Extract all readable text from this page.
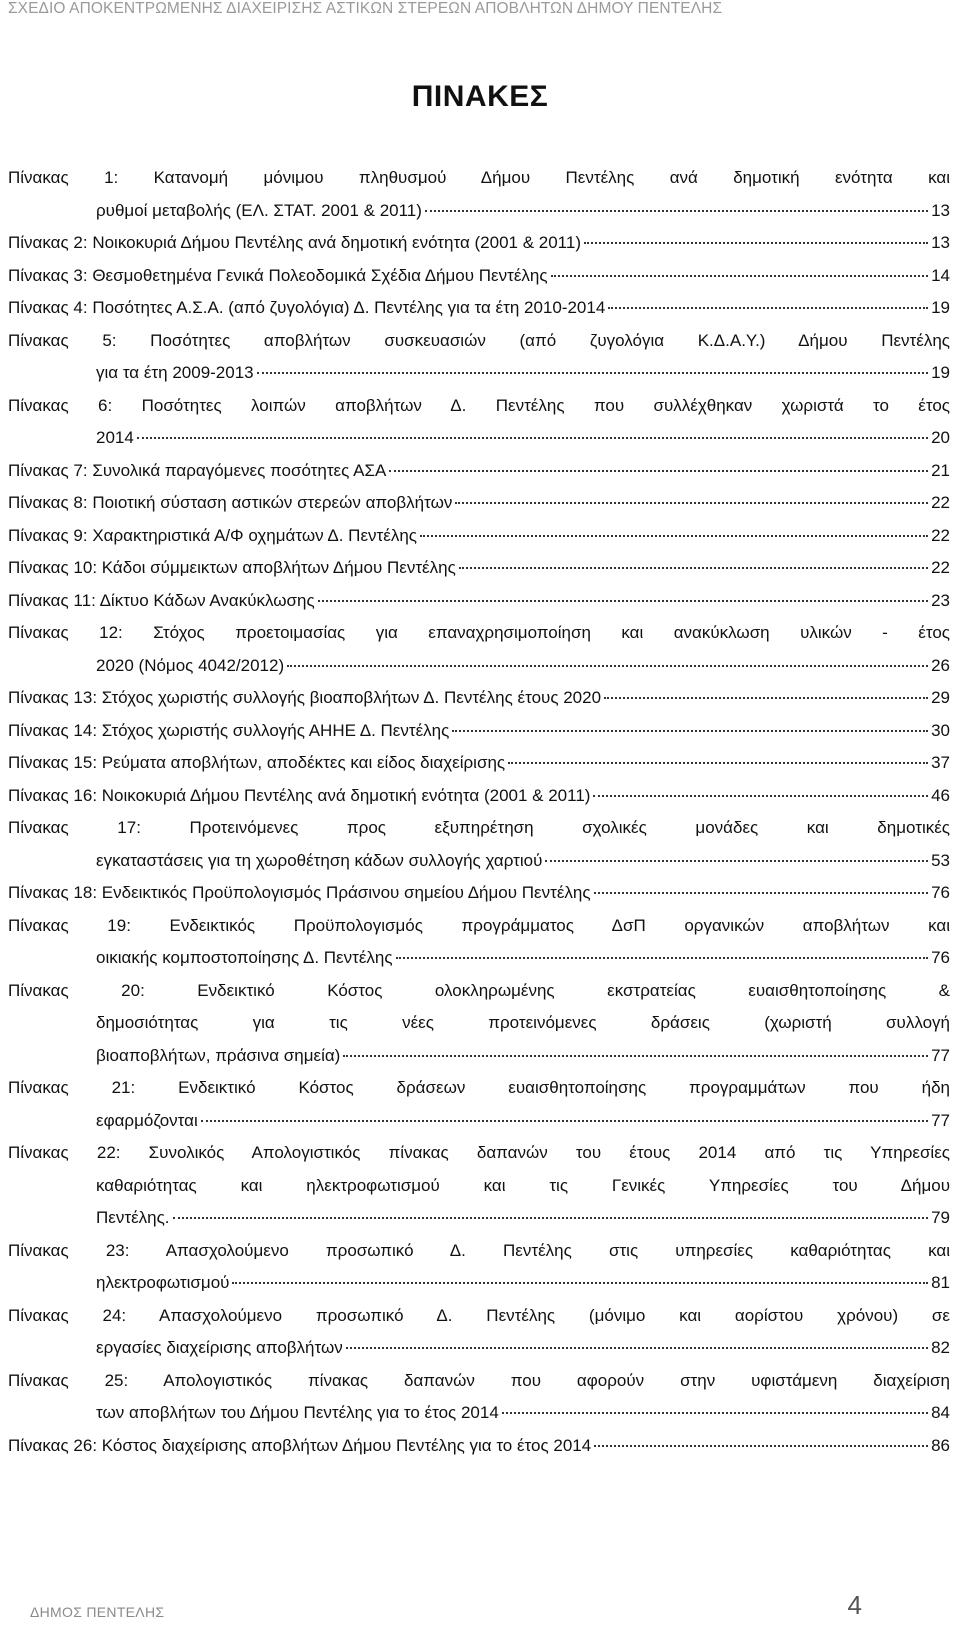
ΣΧΕΔΙΟ ΑΠΟΚΕΝΤΡΩΜΕΝΗΣ ΔΙΑΧΕΙΡΙΣΗΣ ΑΣΤΙΚΩΝ ΣΤΕΡΕΩΝ ΑΠΟΒΛΗΤΩΝ ΔΗΜΟΥ ΠΕΝΤΕΛΗΣ
ΠΙΝΑΚΕΣ
Πίνακας 1: Κατανομή μόνιμου πληθυσμού Δήμου Πεντέλης ανά δημοτική ενότητα και
ρυθμοί μεταβολής (ΕΛ. ΣΤΑΤ. 2001 & 2011)	13
Πίνακας 2: Νοικοκυριά Δήμου Πεντέλης ανά δημοτική ενότητα (2001 & 2011)	13
Πίνακας 3: Θεσμοθετημένα Γενικά Πολεοδομικά Σχέδια Δήμου Πεντέλης	14
Πίνακας 4: Ποσότητες Α.Σ.Α. (από ζυγολόγια) Δ. Πεντέλης για τα έτη 2010-2014	19
Πίνακας 5: Ποσότητες αποβλήτων συσκευασιών (από ζυγολόγια Κ.Δ.Α.Υ.) Δήμου Πεντέλης
για τα έτη 2009-2013	19
Πίνακας 6: Ποσότητες λοιπών αποβλήτων Δ. Πεντέλης που συλλέχθηκαν χωριστά το έτος
2014	20
Πίνακας 7: Συνολικά παραγόμενες ποσότητες ΑΣΑ	21
Πίνακας 8: Ποιοτική σύσταση αστικών στερεών αποβλήτων	22
Πίνακας 9: Χαρακτηριστικά Α/Φ οχημάτων Δ. Πεντέλης	22
Πίνακας 10: Κάδοι σύμμεικτων αποβλήτων Δήμου Πεντέλης	22
Πίνακας 11: Δίκτυο Κάδων Ανακύκλωσης	23
Πίνακας 12: Στόχος προετοιμασίας για επαναχρησιμοποίηση και ανακύκλωση υλικών - έτος
2020 (Νόμος 4042/2012)	26
Πίνακας 13: Στόχος χωριστής συλλογής βιοαποβλήτων Δ. Πεντέλης έτους 2020	29
Πίνακας 14: Στόχος χωριστής συλλογής ΑΗΗΕ Δ. Πεντέλης	30
Πίνακας 15: Ρεύματα αποβλήτων, αποδέκτες και είδος διαχείρισης	37
Πίνακας 16: Νοικοκυριά Δήμου Πεντέλης ανά δημοτική ενότητα (2001 & 2011)	46
Πίνακας 17: Προτεινόμενες προς εξυπηρέτηση σχολικές μονάδες και δημοτικές
εγκαταστάσεις για τη χωροθέτηση κάδων συλλογής χαρτιού	53
Πίνακας 18: Ενδεικτικός Προϋπολογισμός Πράσινου σημείου Δήμου Πεντέλης	76
Πίνακας 19: Ενδεικτικός Προϋπολογισμός προγράμματος ΔσΠ οργανικών αποβλήτων και
οικιακής κομποστοποίησης Δ. Πεντέλης	76
Πίνακας 20: Ενδεικτικό Κόστος ολοκληρωμένης εκστρατείας ευαισθητοποίησης &
δημοσιότητας για τις νέες προτεινόμενες δράσεις (χωριστή συλλογή
βιοαποβλήτων, πράσινα σημεία)	77
Πίνακας 21: Ενδεικτικό Κόστος δράσεων ευαισθητοποίησης προγραμμάτων που ήδη
εφαρμόζονται	77
Πίνακας 22: Συνολικός Απολογιστικός πίνακας δαπανών του έτους 2014 από τις Υπηρεσίες
καθαριότητας και ηλεκτροφωτισμού και τις Γενικές Υπηρεσίες του Δήμου
Πεντέλης.	79
Πίνακας 23: Απασχολούμενο προσωπικό Δ. Πεντέλης στις υπηρεσίες καθαριότητας και
ηλεκτροφωτισμού	81
Πίνακας 24: Απασχολούμενο προσωπικό Δ. Πεντέλης (μόνιμο και αορίστου χρόνου) σε
εργασίες διαχείρισης αποβλήτων	82
Πίνακας 25: Απολογιστικός πίνακας δαπανών που αφορούν στην υφιστάμενη διαχείριση
των αποβλήτων του Δήμου Πεντέλης για το έτος 2014	84
Πίνακας 26: Κόστος διαχείρισης αποβλήτων Δήμου Πεντέλης για το έτος 2014	86
ΔΗΜΟΣ ΠΕΝΤΕΛΗΣ	4
